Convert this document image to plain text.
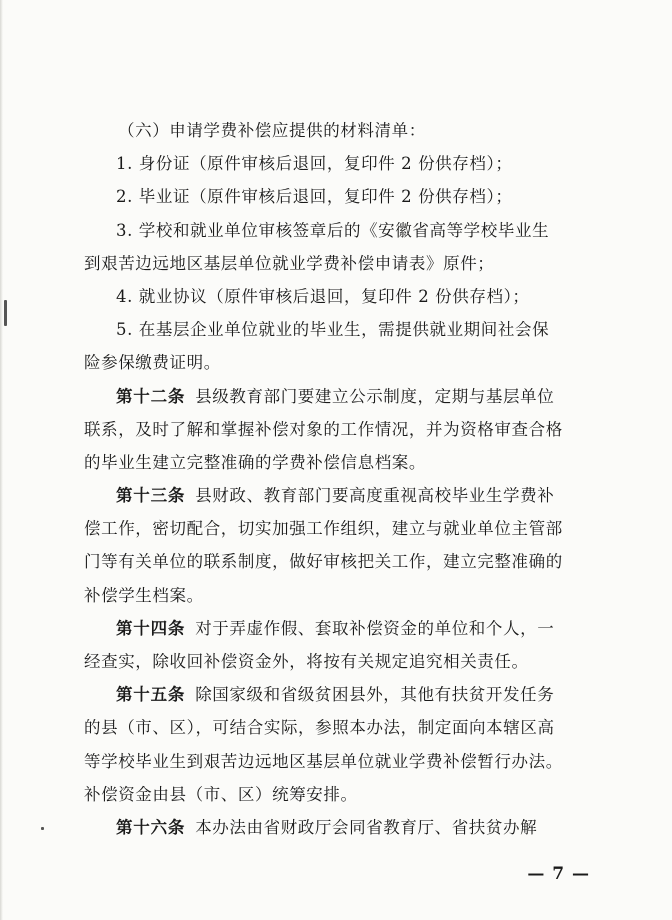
（六）申请学费补偿应提供的材料清单：
1. 身份证（原件审核后退回，复印件 2 份供存档）；
2. 毕业证（原件审核后退回，复印件 2 份供存档）；
3. 学校和就业单位审核签章后的《安徽省高等学校毕业生
到艰苦边远地区基层单位就业学费补偿申请表》原件；
4. 就业协议（原件审核后退回，复印件 2 份供存档）；
5. 在基层企业单位就业的毕业生，需提供就业期间社会保
险参保缴费证明。
第十二条 县级教育部门要建立公示制度，定期与基层单位
联系，及时了解和掌握补偿对象的工作情况，并为资格审查合格
的毕业生建立完整准确的学费补偿信息档案。
第十三条 县财政、教育部门要高度重视高校毕业生学费补
偿工作，密切配合，切实加强工作组织，建立与就业单位主管部
门等有关单位的联系制度，做好审核把关工作，建立完整准确的
补偿学生档案。
第十四条 对于弄虚作假、套取补偿资金的单位和个人，一
经查实，除收回补偿资金外，将按有关规定追究相关责任。
第十五条 除国家级和省级贫困县外，其他有扶贫开发任务
的县（市、区），可结合实际，参照本办法，制定面向本辖区高
等学校毕业生到艰苦边远地区基层单位就业学费补偿暂行办法。
补偿资金由县（市、区）统筹安排。
第十六条 本办法由省财政厅会同省教育厅、省扶贫办解
— 7 —
